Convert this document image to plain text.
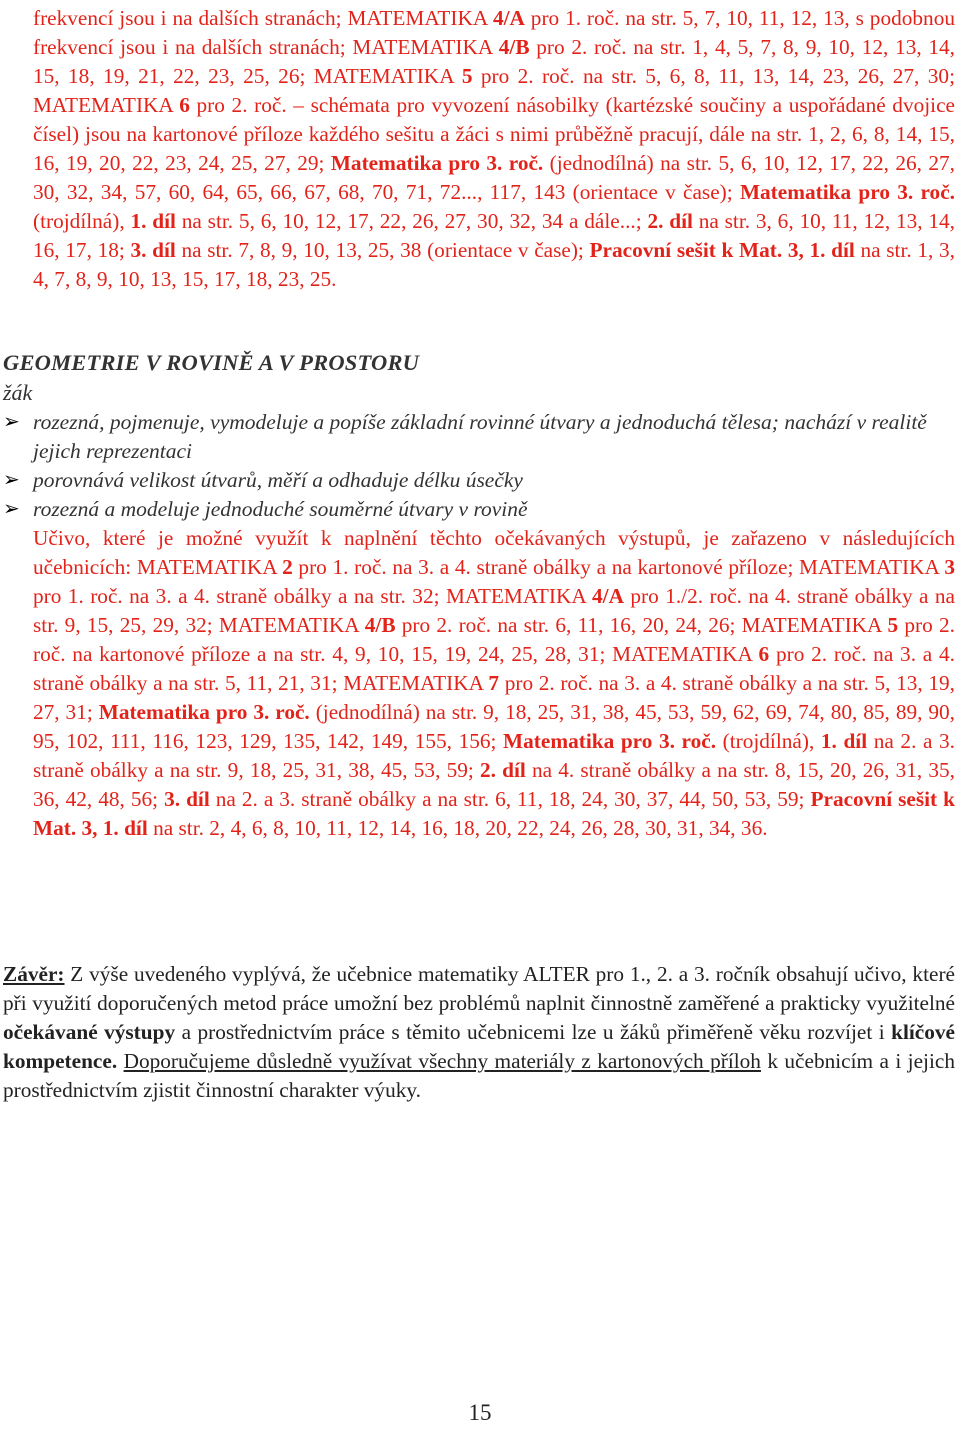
frekvencí jsou i na dalších stranách; MATEMATIKA 4/A pro 1. roč. na str. 5, 7, 10, 11, 12, 13, s podobnou frekvencí jsou i na dalších stranách; MATEMATIKA 4/B pro 2. roč. na str. 1, 4, 5, 7, 8, 9, 10, 12, 13, 14, 15, 18, 19, 21, 22, 23, 25, 26; MATEMATIKA 5 pro 2. roč. na str. 5, 6, 8, 11, 13, 14, 23, 26, 27, 30; MATEMATIKA 6 pro 2. roč. – schémata pro vyvození násobilky (kartézské součiny a uspořádané dvojice čísel) jsou na kartonové příloze každého sešitu a žáci s nimi průběžně pracují, dále na str. 1, 2, 6, 8, 14, 15, 16, 19, 20, 22, 23, 24, 25, 27, 29; Matematika pro 3. roč. (jednodílná) na str. 5, 6, 10, 12, 17, 22, 26, 27, 30, 32, 34, 57, 60, 64, 65, 66, 67, 68, 70, 71, 72..., 117, 143 (orientace v čase); Matematika pro 3. roč. (trojdílná), 1. díl na str. 5, 6, 10, 12, 17, 22, 26, 27, 30, 32, 34 a dále...; 2. díl na str. 3, 6, 10, 11, 12, 13, 14, 16, 17, 18; 3. díl na str. 7, 8, 9, 10, 13, 25, 38 (orientace v čase); Pracovní sešit k Mat. 3, 1. díl na str. 1, 3, 4, 7, 8, 9, 10, 13, 15, 17, 18, 23, 25.
GEOMETRIE V ROVINĚ A V PROSTORU
žák
➢ rozezná, pojmenuje, vymodeluje a popíše základní rovinné útvary a jednoduchá tělesa; nachází v realitě jejich reprezentaci
➢ porovnává velikost útvarů, měří a odhaduje délku úsečky
➢ rozezná a modeluje jednoduché souměrné útvary v rovině
Učivo, které je možné využít k naplnění těchto očekávaných výstupů, je zařazeno v následujících učebnicích: MATEMATIKA 2 pro 1. roč. na 3. a 4. straně obálky a na kartonové příloze; MATEMATIKA 3 pro 1. roč. na 3. a 4. straně obálky a na str. 32; MATEMATIKA 4/A pro 1./2. roč. na 4. straně obálky a na str. 9, 15, 25, 29, 32; MATEMATIKA 4/B pro 2. roč. na str. 6, 11, 16, 20, 24, 26; MATEMATIKA 5 pro 2. roč. na kartonové příloze a na str. 4, 9, 10, 15, 19, 24, 25, 28, 31; MATEMATIKA 6 pro 2. roč. na 3. a 4. straně obálky a na str. 5, 11, 21, 31; MATEMATIKA 7 pro 2. roč. na 3. a 4. straně obálky a na str. 5, 13, 19, 27, 31; Matematika pro 3. roč. (jednodílná) na str. 9, 18, 25, 31, 38, 45, 53, 59, 62, 69, 74, 80, 85, 89, 90, 95, 102, 111, 116, 123, 129, 135, 142, 149, 155, 156; Matematika pro 3. roč. (trojdílná), 1. díl na 2. a 3. straně obálky a na str. 9, 18, 25, 31, 38, 45, 53, 59; 2. díl na 4. straně obálky a na str. 8, 15, 20, 26, 31, 35, 36, 42, 48, 56; 3. díl na 2. a 3. straně obálky a na str. 6, 11, 18, 24, 30, 37, 44, 50, 53, 59; Pracovní sešit k Mat. 3, 1. díl na str. 2, 4, 6, 8, 10, 11, 12, 14, 16, 18, 20, 22, 24, 26, 28, 30, 31, 34, 36.
Závěr: Z výše uvedeného vyplývá, že učebnice matematiky ALTER pro 1., 2. a 3. ročník obsahují učivo, které při využití doporučených metod práce umožní bez problémů naplnit činnostně zaměřené a prakticky využitelné očekávané výstupy a prostřednictvím práce s těmito učebnicemi lze u žáků přiměřeně věku rozvíjet i klíčové kompetence. Doporučujeme důsledně využívat všechny materiály z kartonových příloh k učebnicím a i jejich prostřednictvím zjistit činnostní charakter výuky.
15
